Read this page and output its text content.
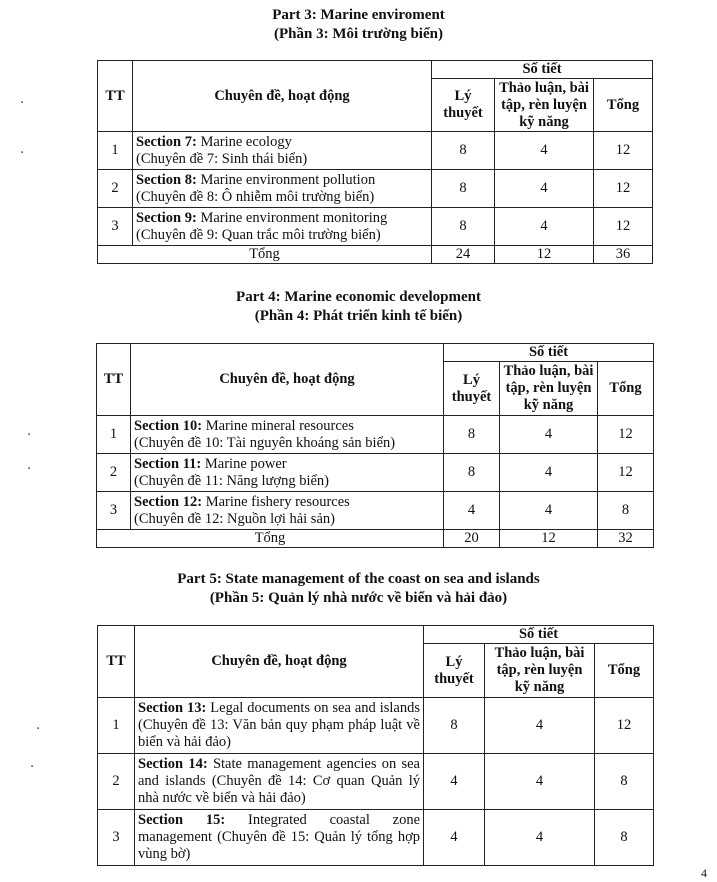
Part 3: Marine enviroment
(Phần 3: Môi trường biển)
TT	Chuyên đề, hoạt động	Số tiết		
		Lý thuyết	Thảo luận, bài tập, rèn luyện kỹ năng	Tổng
1	Section 7: Marine ecology
(Chuyên đề 7: Sinh thái biển)	8	4	12
2	Section 8: Marine environment pollution
(Chuyên đề 8: Ô nhiễm môi trường biển)	8	4	12
3	Section 9: Marine environment monitoring
(Chuyên đề 9: Quan trắc môi trường biển)	8	4	12
Tổng		24	12	36
Part 4: Marine economic development
(Phần 4: Phát triển kinh tế biển)
TT	Chuyên đề, hoạt động	Số tiết		
		Lý thuyết	Thảo luận, bài tập, rèn luyện kỹ năng	Tổng
1	Section 10: Marine mineral resources
(Chuyên đề 10: Tài nguyên khoáng sản biển)	8	4	12
2	Section 11: Marine power
(Chuyên đề 11: Năng lượng biển)	8	4	12
3	Section 12: Marine fishery resources
(Chuyên đề 12: Nguồn lợi hải sản)	4	4	8
Tổng		20	12	32
Part 5: State management of the coast on sea and islands
(Phần 5: Quản lý nhà nước về biển và hải đảo)
TT	Chuyên đề, hoạt động	Số tiết		
		Lý thuyết	Thảo luận, bài tập, rèn luyện kỹ năng	Tổng
1	Section 13: Legal documents on sea and islands (Chuyên đề 13: Văn bản quy phạm pháp luật về biển và hải đảo)	8	4	12
2	Section 14: State management agencies on sea and islands (Chuyên đề 14: Cơ quan Quản lý nhà nước về biển và hải đảo)	4	4	8
3	Section 15: Integrated coastal zone management (Chuyên đề 15: Quản lý tổng hợp vùng bờ)	4	4	8
·
·
·
·
·
·
4
